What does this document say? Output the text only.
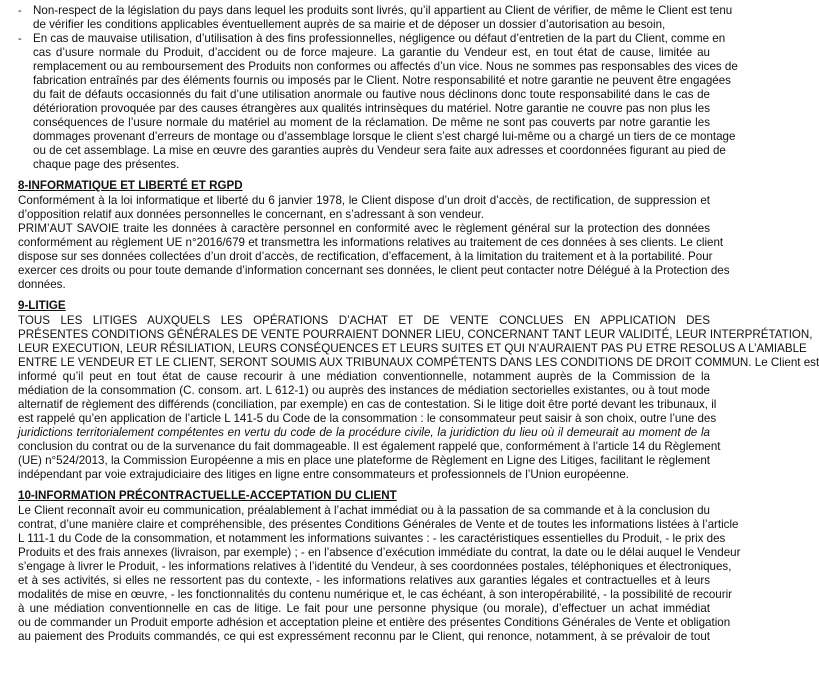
-
-
Non-respect de la législation du pays dans lequel les produits sont livrés, qu’il appartient au Client de vérifier, de même le Client est tenu
de vérifier les conditions applicables éventuellement auprès de sa mairie et de déposer un dossier d’autorisation au besoin,
En cas de mauvaise utilisation, d’utilisation à des fins professionnelles, négligence ou défaut d’entretien de la part du Client, comme en
cas d’usure normale du Produit, d’accident ou de force majeure. La garantie du Vendeur est, en tout état de cause, limitée au
remplacement ou au remboursement des Produits non conformes ou affectés d’un vice. Nous ne sommes pas responsables des vices de
fabrication entraînés par des éléments fournis ou imposés par le Client. Notre responsabilité et notre garantie ne peuvent être engagées
du fait de défauts occasionnés du fait d’une utilisation anormale ou fautive nous déclinons donc toute responsabilité dans le cas de
détérioration provoquée par des causes étrangères aux qualités intrinsèques du matériel. Notre garantie ne couvre pas non plus les
conséquences de l’usure normale du matériel au moment de la réclamation. De même ne sont pas couverts par notre garantie les
dommages provenant d’erreurs de montage ou d’assemblage lorsque le client s’est chargé lui-même ou a chargé un tiers de ce montage
ou de cet assemblage. La mise en œuvre des garanties auprès du Vendeur sera faite aux adresses et coordonnées figurant au pied de
chaque page des présentes.
8-INFORMATIQUE ET LIBERTÉ ET RGPD
Conformément à la loi informatique et liberté du 6 janvier 1978, le Client dispose d’un droit d’accès, de rectification, de suppression et
d’opposition relatif aux données personnelles le concernant, en s’adressant à son vendeur.
PRIM’AUT SAVOIE traite les données à caractère personnel en conformité avec le règlement général sur la protection des données
conformément au règlement UE n°2016/679 et transmettra les informations relatives au traitement de ces données à ses clients. Le client
dispose sur ses données collectées d’un droit d’accès, de rectification, d’effacement, à la limitation du traitement et à la portabilité. Pour
exercer ces droits ou pour toute demande d’information concernant ses données, le client peut contacter notre Délégué à la Protection des
données.
9-LITIGE
TOUS LES LITIGES AUXQUELS LES OPÉRATIONS D’ACHAT ET DE VENTE CONCLUES EN APPLICATION DES
PRÉSENTES CONDITIONS GÉNÉRALES DE VENTE POURRAIENT DONNER LIEU, CONCERNANT TANT LEUR VALIDITÉ, LEUR INTERPRÉTATION,
LEUR EXECUTION, LEUR RÉSILIATION, LEURS CONSÉQUENCES ET LEURS SUITES ET QUI N’AURAIENT PAS PU ETRE RESOLUS A L’AMIABLE
ENTRE LE VENDEUR ET LE CLIENT, SERONT SOUMIS AUX TRIBUNAUX COMPÉTENTS DANS LES CONDITIONS DE DROIT COMMUN. Le Client est
informé qu’il peut en tout état de cause recourir à une médiation conventionnelle, notamment auprès de la Commission de la
médiation de la consommation (C. consom. art. L 612-1) ou auprès des instances de médiation sectorielles existantes, ou à tout mode
alternatif de règlement des différends (conciliation, par exemple) en cas de contestation. Si le litige doit être porté devant les tribunaux, il
est rappelé qu’en application de l’article L 141-5 du Code de la consommation : le consommateur peut saisir à son choix, outre l’une des
juridictions territorialement compétentes en vertu du code de la procédure civile, la juridiction du lieu où il demeurait au moment de la
conclusion du contrat ou de la survenance du fait dommageable. Il est également rappelé que, conformément à l’article 14 du Règlement
(UE) n°524/2013, la Commission Européenne a mis en place une plateforme de Règlement en Ligne des Litiges, facilitant le règlement
indépendant par voie extrajudiciaire des litiges en ligne entre consommateurs et professionnels de l’Union européenne.
10-INFORMATION PRÉCONTRACTUELLE-ACCEPTATION DU CLIENT
Le Client reconnaît avoir eu communication, préalablement à l’achat immédiat ou à la passation de sa commande et à la conclusion du
contrat, d’une manière claire et compréhensible, des présentes Conditions Générales de Vente et de toutes les informations listées à l’article
L 111-1 du Code de la consommation, et notamment les informations suivantes : - les caractéristiques essentielles du Produit, - le prix des
Produits et des frais annexes (livraison, par exemple) ; - en l’absence d’exécution immédiate du contrat, la date ou le délai auquel le Vendeur
s’engage à livrer le Produit, - les informations relatives à l’identité du Vendeur, à ses coordonnées postales, téléphoniques et électroniques,
et à ses activités, si elles ne ressortent pas du contexte, - les informations relatives aux garanties légales et contractuelles et à leurs
modalités de mise en œuvre, - les fonctionnalités du contenu numérique et, le cas échéant, à son interopérabilité, - la possibilité de recourir
à une médiation conventionnelle en cas de litige. Le fait pour une personne physique (ou morale), d’effectuer un achat immédiat
ou de commander un Produit emporte adhésion et acceptation pleine et entière des présentes Conditions Générales de Vente et obligation
au paiement des Produits commandés, ce qui est expressément reconnu par le Client, qui renonce, notamment, à se prévaloir de tout
